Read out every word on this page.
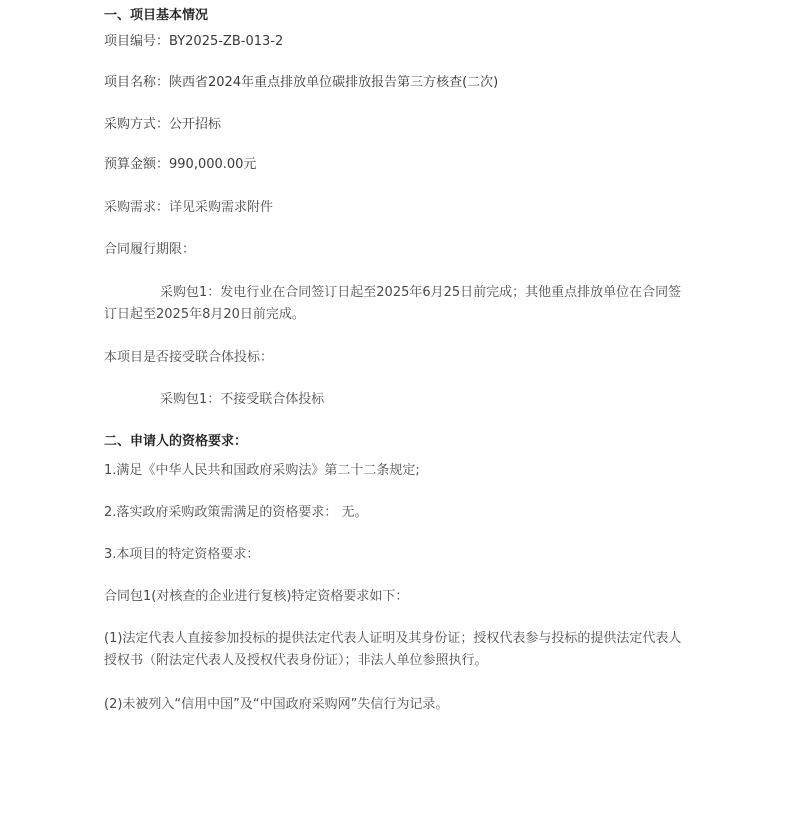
一、项目基本情况
项目编号：BY2025-ZB-013-2
项目名称：陕西省2024年重点排放单位碳排放报告第三方核查(二次)
采购方式：公开招标
预算金额：990,000.00元
采购需求：详见采购需求附件
合同履行期限：
采购包1：发电行业在合同签订日起至2025年6月25日前完成；其他重点排放单位在合同签订日起至2025年8月20日前完成。
本项目是否接受联合体投标：
采购包1：不接受联合体投标
二、申请人的资格要求：
1.满足《中华人民共和国政府采购法》第二十二条规定;
2.落实政府采购政策需满足的资格要求： 无。
3.本项目的特定资格要求：
合同包1(对核查的企业进行复核)特定资格要求如下：
(1)法定代表人直接参加投标的提供法定代表人证明及其身份证；授权代表参与投标的提供法定代表人授权书（附法定代表人及授权代表身份证）；非法人单位参照执行。
(2)未被列入“信用中国”及“中国政府采购网”失信行为记录。
